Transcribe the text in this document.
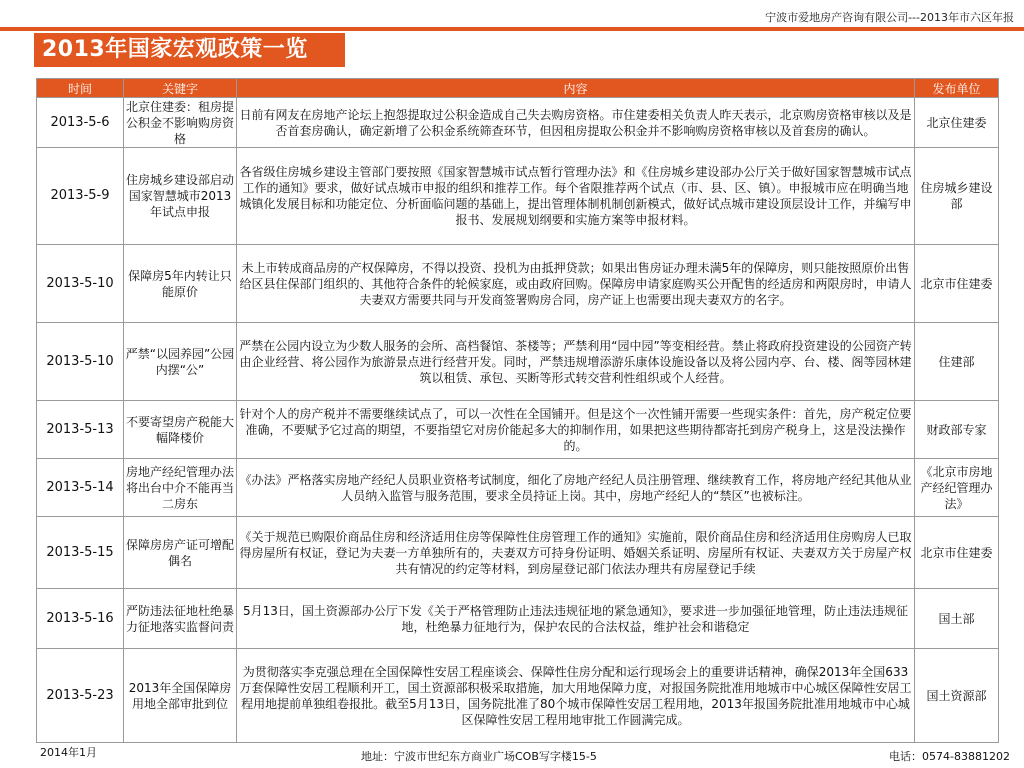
宁波市爱地房产咨询有限公司---2013年市六区年报
2013年国家宏观政策一览
时间	关键字	内容	发布单位
2013-5-6	北京住建委：租房提公积金不影响购房资格	日前有网友在房地产论坛上抱怨提取过公积金造成自己失去购房资格。市住建委相关负责人昨天表示，北京购房资格审核以及是否首套房确认，确定新增了公积金系统筛查环节，但因租房提取公积金并不影响购房资格审核以及首套房的确认。	北京住建委
2013-5-9	住房城乡建设部启动国家智慧城市2013年试点申报	各省级住房城乡建设主管部门要按照《国家智慧城市试点暂行管理办法》和《住房城乡建设部办公厅关于做好国家智慧城市试点工作的通知》要求，做好试点城市申报的组织和推荐工作。每个省限推荐两个试点（市、县、区、镇）。申报城市应在明确当地城镇化发展目标和功能定位、分析面临问题的基础上，提出管理体制机制创新模式，做好试点城市建设顶层设计工作，并编写申报书、发展规划纲要和实施方案等申报材料。	住房城乡建设部
2013-5-10	保障房5年内转让只能原价	未上市转成商品房的产权保障房，不得以投资、投机为由抵押贷款；如果出售房证办理未满5年的保障房，则只能按照原价出售给区县住保部门组织的、其他符合条件的轮候家庭，或由政府回购。保障房申请家庭购买公开配售的经适房和两限房时，申请人夫妻双方需要共同与开发商签署购房合同，房产证上也需要出现夫妻双方的名字。	北京市住建委
2013-5-10	严禁“以园养园”公园内摆“公”	严禁在公园内设立为少数人服务的会所、高档餐馆、茶楼等；严禁利用“园中园”等变相经营。禁止将政府投资建设的公园资产转由企业经营、将公园作为旅游景点进行经营开发。同时，严禁违规增添游乐康体设施设备以及将公园内亭、台、楼、阁等园林建筑以租赁、承包、买断等形式转交营利性组织或个人经营。	住建部
2013-5-13	不要寄望房产税能大幅降楼价	针对个人的房产税并不需要继续试点了，可以一次性在全国铺开。但是这个一次性铺开需要一些现实条件：首先，房产税定位要准确，不要赋予它过高的期望，不要指望它对房价能起多大的抑制作用，如果把这些期待都寄托到房产税身上，这是没法操作的。	财政部专家
2013-5-14	房地产经纪管理办法将出台中介不能再当二房东	《办法》严格落实房地产经纪人员职业资格考试制度，细化了房地产经纪人员注册管理、继续教育工作，将房地产经纪其他从业人员纳入监管与服务范围，要求全员持证上岗。其中，房地产经纪人的“禁区”也被标注。	《北京市房地产经纪管理办法》
2013-5-15	保障房房产证可增配偶名	《关于规范已购限价商品住房和经济适用住房等保障性住房管理工作的通知》实施前，限价商品住房和经济适用住房购房人已取得房屋所有权证，登记为夫妻一方单独所有的，夫妻双方可持身份证明、婚姻关系证明、房屋所有权证、夫妻双方关于房屋产权共有情况的约定等材料，到房屋登记部门依法办理共有房屋登记手续	北京市住建委
2013-5-16	严防违法征地杜绝暴力征地落实监督问责	5月13日，国土资源部办公厅下发《关于严格管理防止违法违规征地的紧急通知》，要求进一步加强征地管理，防止违法违规征地，杜绝暴力征地行为，保护农民的合法权益，维护社会和谐稳定	国土部
2013-5-23	2013年全国保障房用地全部审批到位	为贯彻落实李克强总理在全国保障性安居工程座谈会、保障性住房分配和运行现场会上的重要讲话精神，确保2013年全国633万套保障性安居工程顺利开工，国土资源部积极采取措施，加大用地保障力度，对报国务院批准用地城市中心城区保障性安居工程用地提前单独组卷报批。截至5月13日，国务院批准了80个城市保障性安居工程用地，2013年报国务院批准用地城市中心城区保障性安居工程用地审批工作圆满完成。	国土资源部
2014年1月	地址：宁波市世纪东方商业广场COB写字楼15-5	电话：0574-83881202
